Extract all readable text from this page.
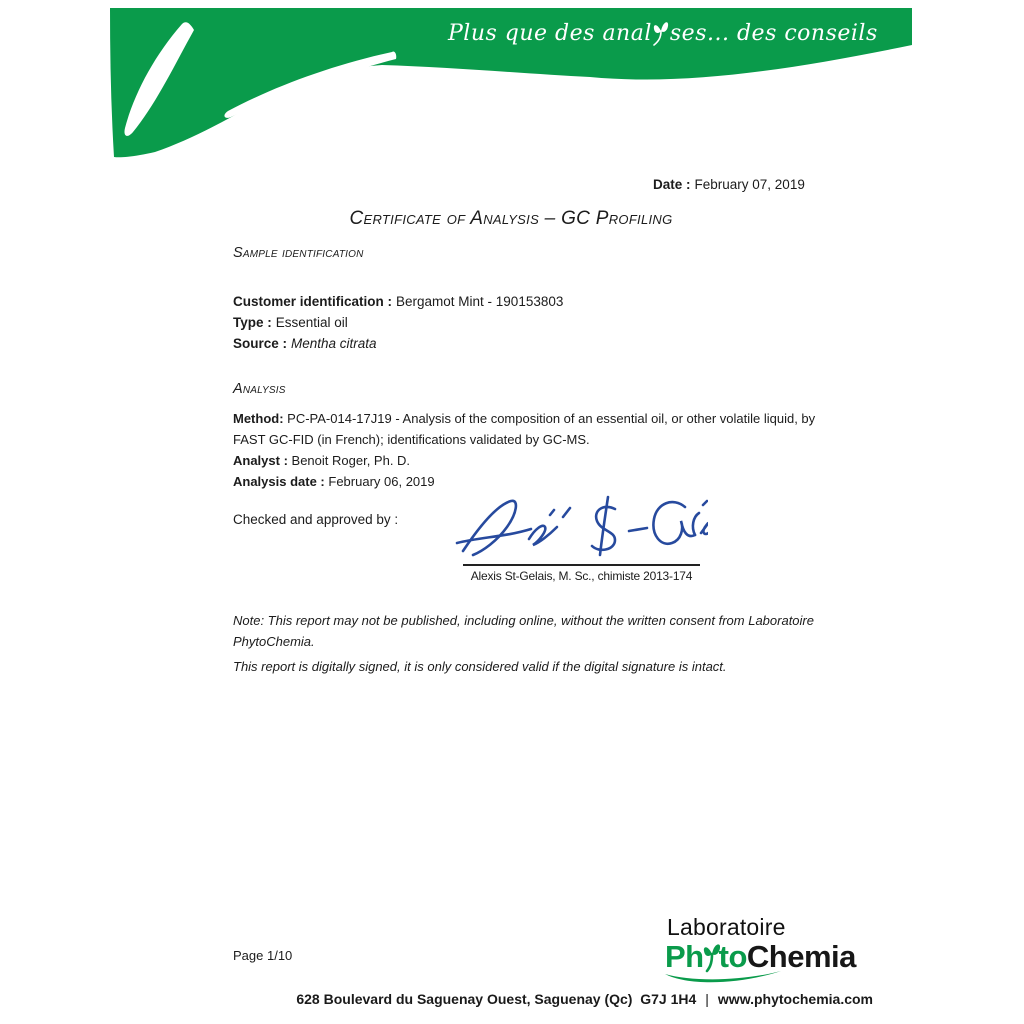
Plus que des anal ses... des conseils
Date : February 07, 2019
Certificate of Analysis – GC Profiling
Sample identification
Customer identification : Bergamot Mint - 190153803
Type : Essential oil
Source : Mentha citrata
Analysis

Method: PC-PA-014-17J19 - Analysis of the composition of an essential oil, or other volatile liquid, by FAST GC-FID (in French); identifications validated by GC-MS.

Analyst : Benoit Roger, Ph. D.

Analysis date : February 06, 2019

Checked and approved by :
Alexis St-Gelais, M. Sc., chimiste 2013-174

Note: This report may not be published, including online, without the written consent from Laboratoire PhytoChemia.

This report is digitally signed, it is only considered valid if the digital signature is intact.

Page 1/10
Laboratoire
Ph toChemia
628 Boulevard du Saguenay Ouest, Saguenay (Qc)  G7J 1H4 | www.phytochemia.com
